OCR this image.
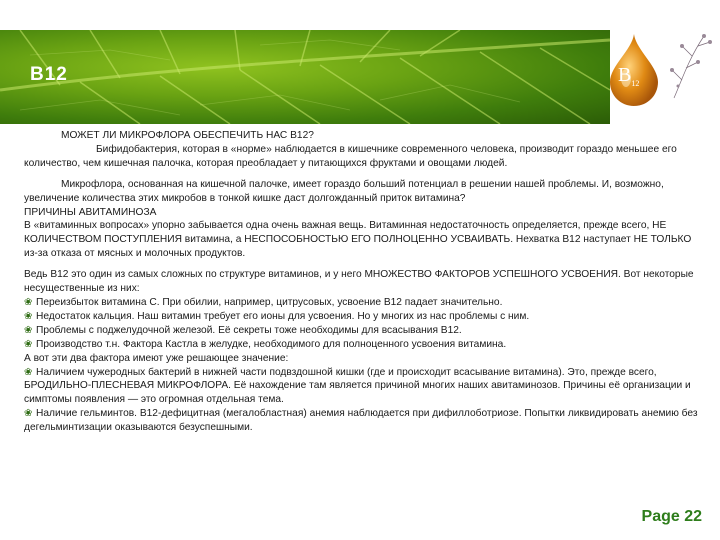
B12	$B_{12}$

МОЖЕТ ЛИ МИКРОФЛОРА ОБЕСПЕЧИТЬ НАС В12?

Бифидобактерия, которая в «норме» наблюдается в кишечнике современного человека, производит гораздо меньшее его количество, чем кишечная палочка, которая преобладает у питающихся фруктами и овощами людей.

Микрофлора, основанная на кишечной палочке, имеет гораздо больший потенциал в решении нашей проблемы. И, возможно, увеличение количества этих микробов в тонкой кишке даст долгожданный приток витамина?

ПРИЧИНЫ АВИТАМИНОЗА

В «витаминных вопросах» упорно забывается одна очень важная вещь. Витаминная недостаточность определяется, прежде всего, НЕ КОЛИЧЕСТВОМ ПОСТУПЛЕНИЯ витамина, а НЕСПОСОБНОСТЬЮ ЕГО ПОЛНОЦЕННО УСВАИВАТЬ. Нехватка В12 наступает НЕ ТОЛЬКО из-за отказа от мясных и молочных продуктов.

Ведь В12 это один из самых сложных по структуре витаминов, и у него МНОЖЕСТВО ФАКТОРОВ УСПЕШНОГО УСВОЕНИЯ. Вот некоторые несущественные из них:

❀ Переизбыток витамина С. При обилии, например, цитрусовых, усвоение В12 падает значительно.

❀ Недостаток кальция. Наш витамин требует его ионы для усвоения. Но у многих из нас проблемы с ним.

❀ Проблемы с поджелудочной железой. Её секреты тоже необходимы для всасывания В12.

❀ Производство т.н. Фактора Кастла в желудке, необходимого для полноценного усвоения витамина.

А вот эти два фактора имеют уже решающее значение:

❀ Наличием чужеродных бактерий в нижней части подвздошной кишки (где и происходит всасывание витамина). Это, прежде всего, БРОДИЛЬНО-ПЛЕСНЕВАЯ МИКРОФЛОРА. Её нахождение там является причиной многих наших авитаминозов. Причины её организации и симптомы появления — это огромная отдельная тема.

❀ Наличие гельминтов. В12-дефицитная (мегалобластная) анемия наблюдается при дифиллоботриозе. Попытки ликвидировать анемию без дегельминтизации оказываются безуспешными.

Page 22
